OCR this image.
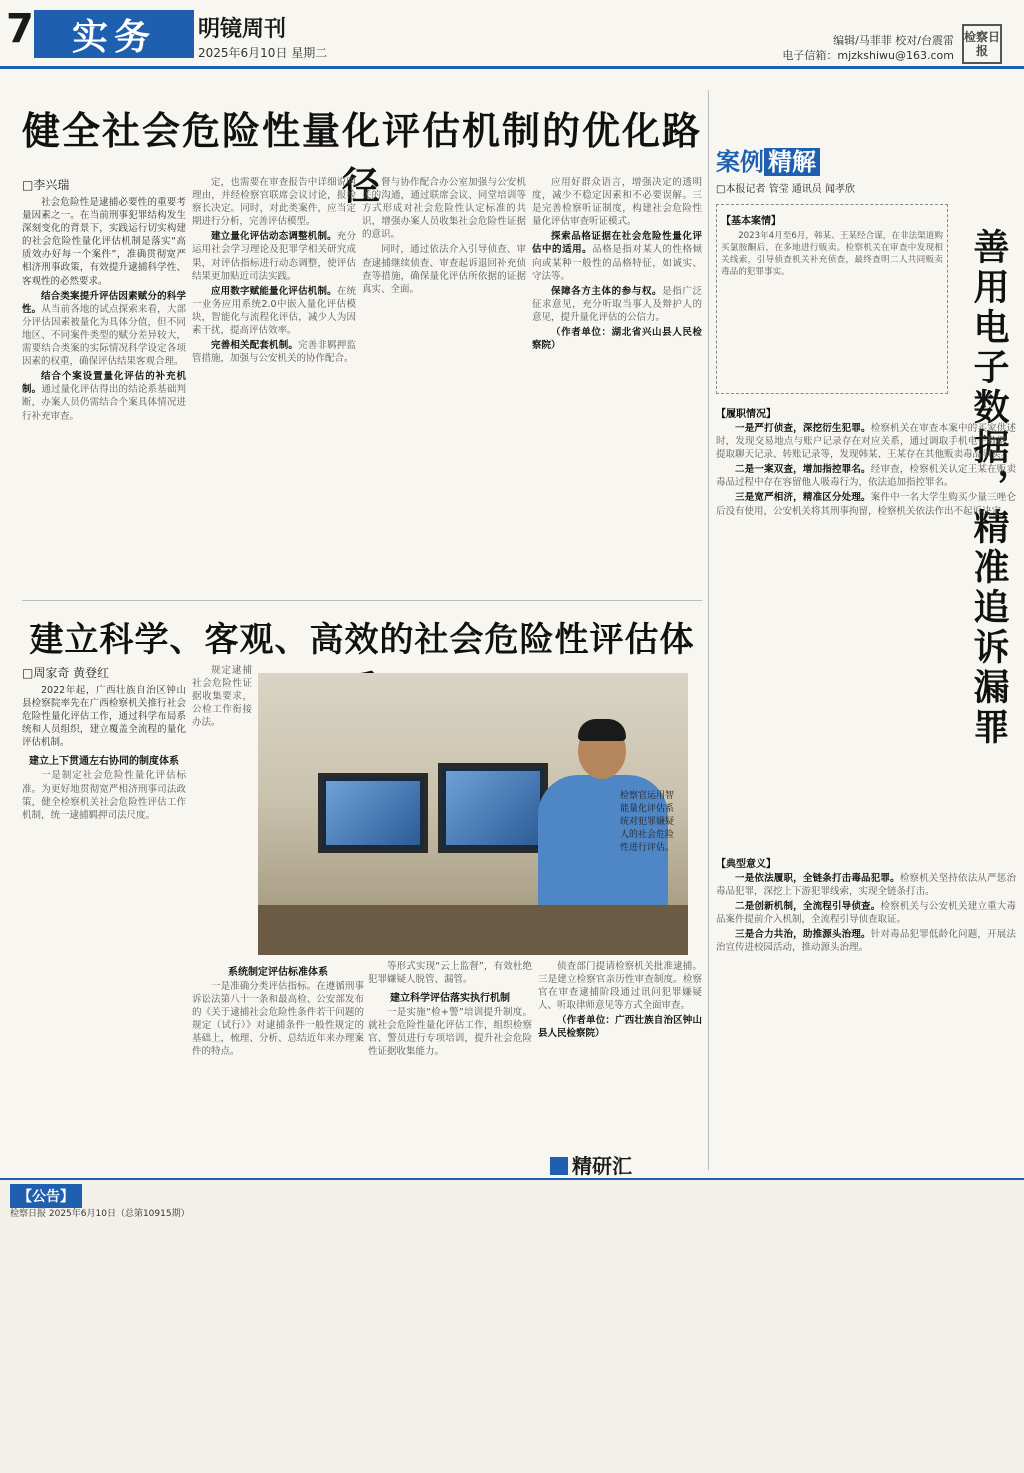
7	实务	明镜周刊
2025年6月10日 星期二
编辑/马菲菲 校对/台震雷
电子信箱：mjzkshiwu@163.com
检察日报
健全社会危险性量化评估机制的优化路径
□李兴瑞

社会危险性是逮捕必要性的重要考量因素之一。在当前刑事犯罪结构发生深刻变化的背景下，实践运行切实构建的社会危险性量化评估机制是落实“高质效办好每一个案件”，准确贯彻宽严相济刑事政策，有效提升逮捕科学性、客观性的必然要求。

结合类案提升评估因素赋分的科学性。从当前各地的试点探索来看，大部分评估因素被量化为具体分值，但不同地区、不同案件类型的赋分差异较大，需要结合类案的实际情况科学设定各项因素的权重，确保评估结果客观合理。

结合个案设置量化评估的补充机制。通过量化评估得出的结论系基础判断，办案人员仍需结合个案具体情况进行补充审查。

定，也需要在审查报告中详细说明理由，并经检察官联席会议讨论，报检察长决定。同时，对此类案件，应当定期进行分析，完善评估模型。

建立量化评估动态调整机制。充分运用社会学习理论及犯罪学相关研究成果，对评估指标进行动态调整，使评估结果更加贴近司法实践。

应用数字赋能量化评估机制。在统一业务应用系统2.0中嵌入量化评估模块，智能化与流程化评估，减少人为因素干扰，提高评估效率。

完善相关配套机制。完善非羁押监管措施，加强与公安机关的协作配合。

督与协作配合办公室加强与公安机关的沟通，通过联席会议、同堂培训等方式形成对社会危险性认定标准的共识，增强办案人员收集社会危险性证据的意识。

同时，通过依法介入引导侦查、审查逮捕继续侦查、审查起诉退回补充侦查等措施，确保量化评估所依据的证据真实、全面。

应用好群众语言，增强决定的透明度，减少不稳定因素和不必要误解。三是完善检察听证制度，构建社会危险性量化评估审查听证模式。

探索品格证据在社会危险性量化评估中的适用。品格是指对某人的性格倾向或某种一般性的品格特征，如诚实、守法等。

保障各方主体的参与权。是指广泛征求意见，充分听取当事人及辩护人的意见，提升量化评估的公信力。

（作者单位：湖北省兴山县人民检察院）

建立科学、客观、高效的社会危险性评估体
□周家奇 黄登红

2022年起，广西壮族自治区钟山县检察院率先在广西检察机关推行社会危险性量化评估工作，通过科学布局系统和人员组织，建立覆盖全流程的量化评估机制。

建立上下贯通左右协同的制度体系

一是制定社会危险性量化评估标准。为更好地贯彻宽严相济刑事司法政策，健全检察机关社会危险性评估工作机制，统一逮捕羁押司法尺度。

规定逮捕社会危险性证据收集要求，公检工作衔接办法。

系统制定评估标准体系

一是准确分类评估指标。在遵循刑事诉讼法第八十一条和最高检、公安部发布的《关于逮捕社会危险性条件若干问题的规定（试行）》对逮捕条件一般性规定的基础上，梳理、分析、总结近年来办理案件的特点。

检察官运用智能量化评估系统对犯罪嫌疑人的社会危险性进行评估。

等形式实现“云上监督”，有效杜绝犯罪嫌疑人脱管、漏管。

建立科学评估落实执行机制

一是实施“检+警”培训提升制度。就社会危险性量化评估工作，组织检察官、警员进行专项培训，提升社会危险性证据收集能力。

侦查部门提请检察机关批准逮捕。三是建立检察官亲历性审查制度。检察官在审查逮捕阶段通过讯问犯罪嫌疑人、听取律师意见等方式全面审查。

（作者单位：广西壮族自治区钟山县人民检察院）

精研汇
案例 精解
□本报记者 管莹 通讯员 闻孝欣
善用电子数据，精准追诉漏罪
【基本案情】

2023年4月至6月，韩某、王某经合谋，在非法渠道购买氯胺酮后，在多地进行贩卖。检察机关在审查中发现相关线索，引导侦查机关补充侦查，最终查明二人共同贩卖毒品的犯罪事实。

【履职情况】

一是严打侦查，深挖衍生犯罪。检察机关在审查本案中的买家供述时，发现交易地点与账户记录存在对应关系，通过调取手机电子数据，提取聊天记录、转账记录等，发现韩某、王某存在其他贩卖毒品事实。

二是一案双查，增加指控罪名。经审查，检察机关认定王某在贩卖毒品过程中存在容留他人吸毒行为，依法追加指控罪名。

三是宽严相济，精准区分处理。案件中一名大学生购买少量三唑仑后没有使用，公安机关将其刑事拘留，检察机关依法作出不起诉决定。

【典型意义】

一是依法履职，全链条打击毒品犯罪。检察机关坚持依法从严惩治毒品犯罪，深挖上下游犯罪线索，实现全链条打击。

二是创新机制，全流程引导侦查。检察机关与公安机关建立重大毒品案件提前介入机制，全流程引导侦查取证。

三是合力共治，助推源头治理。针对毒品犯罪低龄化问题，开展法治宣传进校园活动，推动源头治理。

【公告】
检察日报 2025年6月10日（总第10915期）
